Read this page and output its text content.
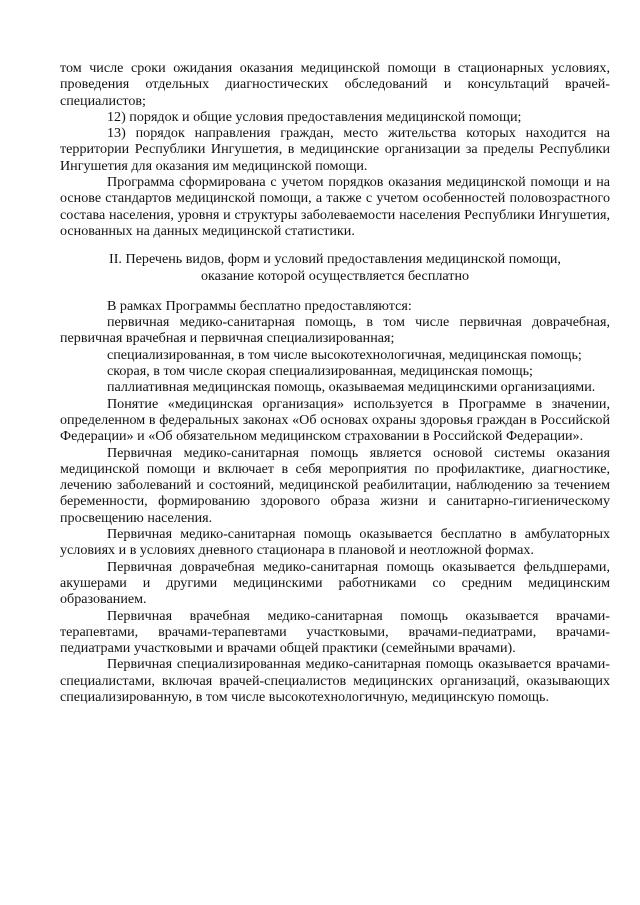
том числе сроки ожидания оказания медицинской помощи в стационарных условиях, проведения отдельных диагностических обследований и консультаций врачей-специалистов;

12) порядок и общие условия предоставления медицинской помощи;

13) порядок направления граждан, место жительства которых находится на территории Республики Ингушетия, в медицинские организации за пределы Республики Ингушетия для оказания им медицинской помощи.

Программа сформирована с учетом порядков оказания медицинской помощи и на основе стандартов медицинской помощи, а также с учетом особенностей половозрастного состава населения, уровня и структуры заболеваемости населения Республики Ингушетия, основанных на данных медицинской статистики.

II. Перечень видов, форм и условий предоставления медицинской помощи,
оказание которой осуществляется бесплатно

В рамках Программы бесплатно предоставляются:

первичная медико-санитарная помощь, в том числе первичная доврачебная, первичная врачебная и первичная специализированная;

специализированная, в том числе высокотехнологичная, медицинская помощь;

скорая, в том числе скорая специализированная, медицинская помощь;

паллиативная медицинская помощь, оказываемая медицинскими организациями.

Понятие «медицинская организация» используется в Программе в значении, определенном в федеральных законах «Об основах охраны здоровья граждан в Российской Федерации» и «Об обязательном медицинском страховании в Российской Федерации».

Первичная медико-санитарная помощь является основой системы оказания медицинской помощи и включает в себя мероприятия по профилактике, диагностике, лечению заболеваний и состояний, медицинской реабилитации, наблюдению за течением беременности, формированию здорового образа жизни и санитарно-гигиеническому просвещению населения.

Первичная медико-санитарная помощь оказывается бесплатно в амбулаторных условиях и в условиях дневного стационара в плановой и неотложной формах.

Первичная доврачебная медико-санитарная помощь оказывается фельдшерами, акушерами и другими медицинскими работниками со средним медицинским образованием.

Первичная врачебная медико-санитарная помощь оказывается врачами-терапевтами, врачами-терапевтами участковыми, врачами-педиатрами, врачами-педиатрами участковыми и врачами общей практики (семейными врачами).

Первичная специализированная медико-санитарная помощь оказывается врачами-специалистами, включая врачей-специалистов медицинских организаций, оказывающих специализированную, в том числе высокотехнологичную, медицинскую помощь.
